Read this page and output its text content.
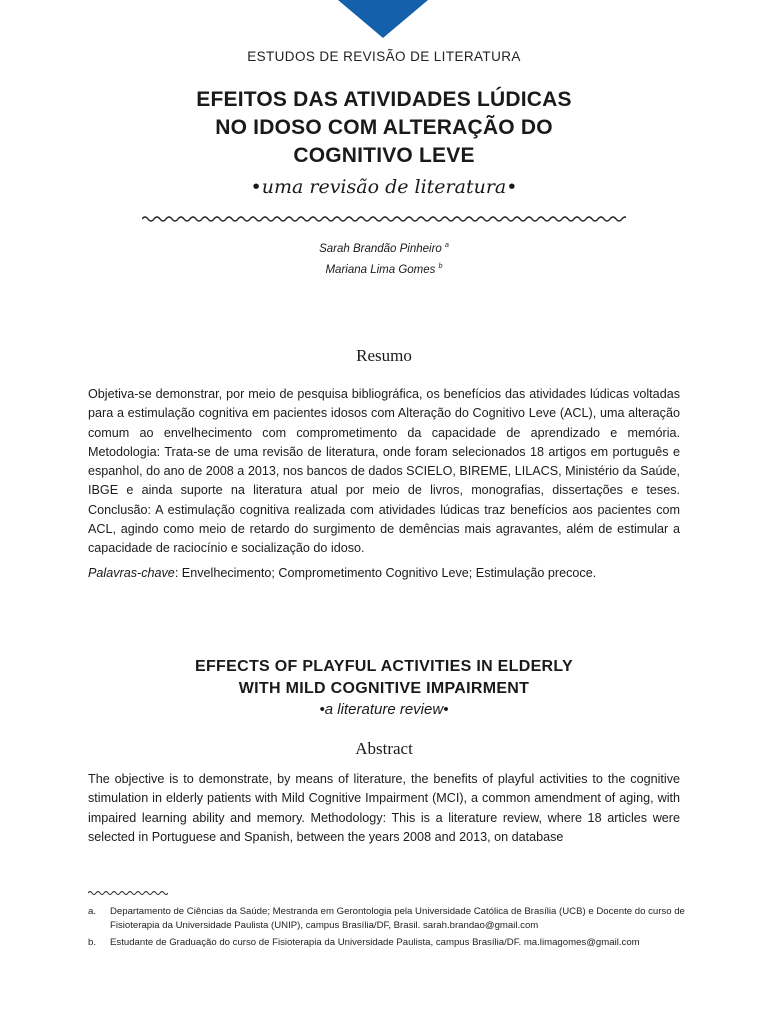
ESTUDOS DE REVISÃO DE LITERATURA
EFEITOS DAS ATIVIDADES LÚDICAS
NO IDOSO COM ALTERAÇÃO DO
COGNITIVO LEVE
•uma revisão de literatura•
Sarah Brandão Pinheiro $^a$
Mariana Lima Gomes $^b$
Resumo
Objetiva-se demonstrar, por meio de pesquisa bibliográfica, os benefícios das atividades lúdicas voltadas para a estimulação cognitiva em pacientes idosos com Alteração do Cognitivo Leve (ACL), uma alteração comum ao envelhecimento com comprometimento da capacidade de aprendizado e memória. Metodologia: Trata-se de uma revisão de literatura, onde foram selecionados 18 artigos em português e espanhol, do ano de 2008 a 2013, nos bancos de dados SCIELO, BIREME, LILACS, Ministério da Saúde, IBGE e ainda suporte na literatura atual por meio de livros, monografias, dissertações e teses. Conclusão: A estimulação cognitiva realizada com atividades lúdicas traz benefícios aos pacientes com ACL, agindo como meio de retardo do surgimento de demências mais agravantes, além de estimular a capacidade de raciocínio e socialização do idoso.
Palavras-chave: Envelhecimento; Comprometimento Cognitivo Leve; Estimulação precoce.
EFFECTS OF PLAYFUL ACTIVITIES IN ELDERLY
WITH MILD COGNITIVE IMPAIRMENT
•a literature review•
Abstract
The objective is to demonstrate, by means of literature, the benefits of playful activities to the cognitive stimulation in elderly patients with Mild Cognitive Impairment (MCI), a common amendment of aging, with impaired learning ability and memory. Methodology: This is a literature review, where 18 articles were selected in Portuguese and Spanish, between the years 2008 and 2013, on database
a.	Departamento de Ciências da Saúde; Mestranda em Gerontologia pela Universidade Católica de Brasília (UCB) e Docente do curso de Fisioterapia da Universidade Paulista (UNIP), campus Brasília/DF, Brasil. sarah.brandao@gmail.com
b.	Estudante de Graduação do curso de Fisioterapia da Universidade Paulista, campus Brasília/DF. ma.limagomes@gmail.com
